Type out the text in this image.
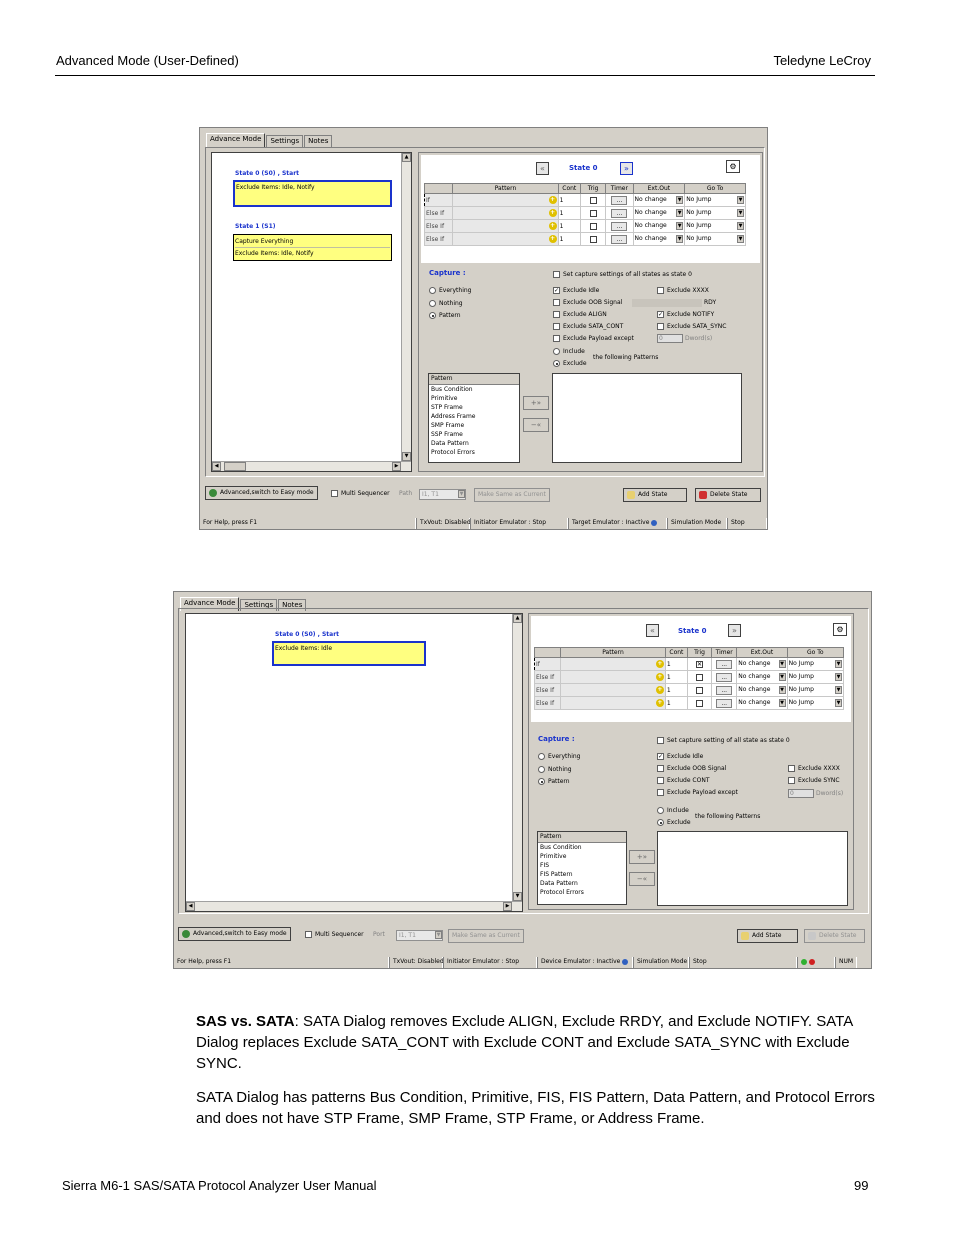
Advanced Mode (User-Defined)	Teledyne LeCroy
Advance Mode	Settings	Notes
State 0 (S0) , Start
Exclude Items: Idle, Notify
State 1 (S1)
Capture Everything
Exclude Items: Idle, Notify
▲
▼
◀	▶
«	State 0	»	⚙
	Pattern	Cont	Trig	Timer	Ext.Out	Go To
If	+	1		...	No change ▼	No Jump ▼

Else If	+	1		...	No change ▼	No Jump ▼

Else If	+	1		...	No change ▼	No Jump ▼

Else If	+	1		...	No change ▼	No Jump ▼
Capture :
Everything
Nothing
Pattern
Set capture settings of all states as state 0
✓ Exclude Idle	Exclude XXXX
Exclude OOB Signal	RDY
Exclude ALIGN	✓ Exclude NOTIFY
Exclude SATA_CONT	Exclude SATA_SYNC
Exclude Payload except	0	Dword(s)
Include
Exclude
the following Patterns
Pattern
Bus Condition
Primitive
STP Frame
Address Frame
SMP Frame
SSP Frame
Data Pattern
Protocol Errors
+»
−«
Advanced,switch to Easy mode	Multi Sequencer Path	I1, T1	▼	Make Same as Current	Add State	Delete State
For Help, press F1	TxVout: Disabled Initiator Emulator : Stop	Target Emulator : Inactive	Simulation Mode	Stop
Advance Mode	Settings	Notes
State 0 (S0) , Start
Exclude Items: Idle
▲
▼
◀	▶
«	State 0	»	⚙
	Pattern	Cont	Trig	Timer	Ext.Out	Go To
If	+	1	✕	...	No change ▼	No Jump ▼

Else If	+	1		...	No change ▼	No Jump ▼

Else If	+	1		...	No change ▼	No Jump ▼

Else If	+	1		...	No change ▼	No Jump ▼
Capture :
Everything
Nothing
Pattern
Set capture setting of all state as state 0
✓ Exclude Idle
Exclude OOB Signal	Exclude XXXX
Exclude CONT	Exclude SYNC
Exclude Payload except	0	Dword(s)
Include
Exclude
the following Patterns
Pattern
Bus Condition
Primitive
FIS
FIS Pattern
Data Pattern
Protocol Errors
+»
−«
Advanced,switch to Easy mode	Multi Sequencer Port	I1, T1	▼	Make Same as Current	Add State	Delete State
For Help, press F1	TxVout: Disabled Initiator Emulator : Stop	Device Emulator : Inactive	Simulation Mode Stop
	NUM
SAS vs. SATA: SATA Dialog removes Exclude ALIGN, Exclude RRDY, and Exclude NOTIFY. SATA Dialog replaces Exclude SATA_CONT with Exclude CONT and Exclude SATA_SYNC with Exclude SYNC.
SATA Dialog has patterns Bus Condition, Primitive, FIS, FIS Pattern, Data Pattern, and Protocol Errors and does not have STP Frame, SMP Frame, STP Frame, or Address Frame.
Sierra M6-1 SAS/SATA Protocol Analyzer User Manual	99
